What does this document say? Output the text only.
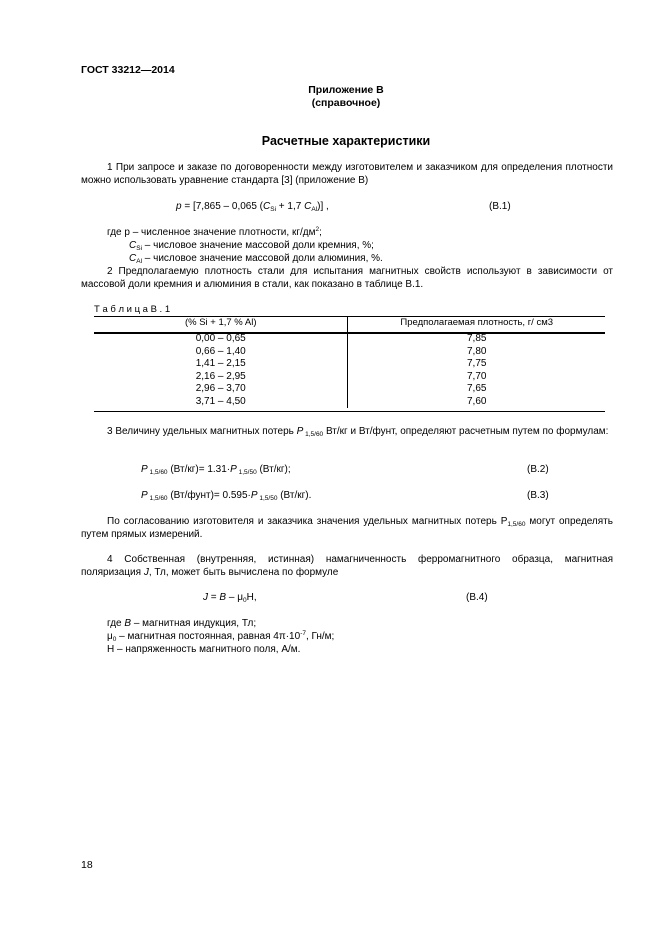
ГОСТ 33212—2014
Приложение В
(справочное)
Расчетные характеристики
1 При запросе и заказе по договоренности между изготовителем и заказчиком для определения плотности можно использовать уравнение стандарта [3] (приложение В)
p = [7,865 – 0,065 ($C_{Si} + 1,7$ $C_{Al}$)] ,	(В.1)
где р – численное значение плотности, $кг/дм^2$;
$C_{Si}$ – числовое значение массовой доли кремния, %;
$C_{Al}$ – числовое значение массовой доли алюминия, %.
2 Предполагаемую плотность стали для испытания магнитных свойств используют в зависимости от массовой доли кремния и алюминия в стали, как показано в таблице В.1.
Т а б л и ц а В . 1
(% Si + 1,7 % Al)	Предполагаемая плотность, г/ см3

0,00 – 0,65	7,85
0,66 – 1,40	7,80
1,41 – 2,15	7,75
2,16 – 2,95	7,70
2,96 – 3,70	7,65
3,71 – 4,50	7,60
3 Величину удельных магнитных потерь P $_{1,5/60}$ Вт/кг и Вт/фунт, определяют расчетным путем по формулам:
P $_{1,5/60}$ (Вт/кг)= 1.31·P $_{1,5/50}$ (Вт/кг);	(В.2)
P $_{1,5/60}$ (Вт/фунт)= 0.595·P $_{1,5/50}$ (Вт/кг).	(В.3)
По согласованию изготовителя и заказчика значения удельных магнитных потерь $Р_{1,5/60}$ могут определять путем прямых измерений.
4 Собственная (внутренняя, истинная) намагниченность ферромагнитного образца, магнитная поляризация J, Тл, может быть вычислена по формуле
$J = B - \mu_0H$,	(В.4)
где B – магнитная индукция, Тл;
$\mu_0$ – магнитная постоянная, равная $4\pi\cdot 10^{-7}$, Гн/м;
Н – напряженность магнитного поля, А/м.
18
